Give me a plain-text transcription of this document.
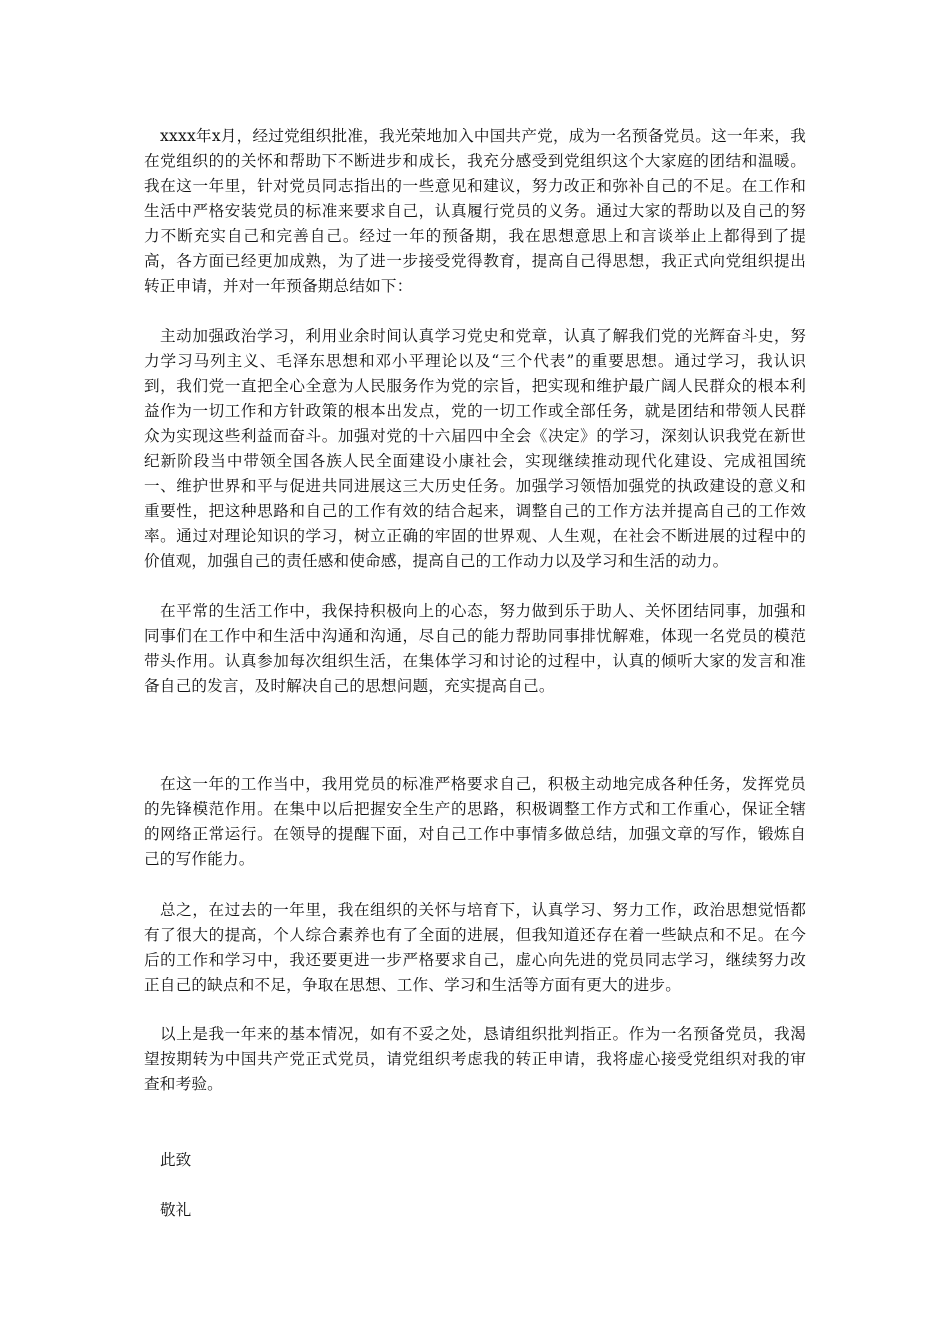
xxxx年x月，经过党组织批准，我光荣地加入中国共产党，成为一名预备党员。这一年来，我在党组织的的关怀和帮助下不断进步和成长，我充分感受到党组织这个大家庭的团结和温暖。我在这一年里，针对党员同志指出的一些意见和建议，努力改正和弥补自己的不足。在工作和生活中严格安装党员的标准来要求自己，认真履行党员的义务。通过大家的帮助以及自己的努力不断充实自己和完善自己。经过一年的预备期，我在思想意思上和言谈举止上都得到了提高，各方面已经更加成熟，为了进一步接受党得教育，提高自己得思想，我正式向党组织提出转正申请，并对一年预备期总结如下：

主动加强政治学习，利用业余时间认真学习党史和党章，认真了解我们党的光辉奋斗史，努力学习马列主义、毛泽东思想和邓小平理论以及“三个代表”的重要思想。通过学习，我认识到，我们党一直把全心全意为人民服务作为党的宗旨，把实现和维护最广阔人民群众的根本利益作为一切工作和方针政策的根本出发点，党的一切工作或全部任务，就是团结和带领人民群众为实现这些利益而奋斗。加强对党的十六届四中全会《决定》的学习，深刻认识我党在新世纪新阶段当中带领全国各族人民全面建设小康社会，实现继续推动现代化建设、完成祖国统一、维护世界和平与促进共同进展这三大历史任务。加强学习领悟加强党的执政建设的意义和重要性，把这种思路和自己的工作有效的结合起来，调整自己的工作方法并提高自己的工作效率。通过对理论知识的学习，树立正确的牢固的世界观、人生观，在社会不断进展的过程中的价值观，加强自己的责任感和使命感，提高自己的工作动力以及学习和生活的动力。

在平常的生活工作中，我保持积极向上的心态，努力做到乐于助人、关怀团结同事，加强和同事们在工作中和生活中沟通和沟通，尽自己的能力帮助同事排忧解难，体现一名党员的模范带头作用。认真参加每次组织生活，在集体学习和讨论的过程中，认真的倾听大家的发言和准备自己的发言，及时解决自己的思想问题，充实提高自己。

在这一年的工作当中，我用党员的标准严格要求自己，积极主动地完成各种任务，发挥党员的先锋模范作用。在集中以后把握安全生产的思路，积极调整工作方式和工作重心，保证全辖的网络正常运行。在领导的提醒下面，对自己工作中事情多做总结，加强文章的写作，锻炼自己的写作能力。

总之，在过去的一年里，我在组织的关怀与培育下，认真学习、努力工作，政治思想觉悟都有了很大的提高，个人综合素养也有了全面的进展，但我知道还存在着一些缺点和不足。在今后的工作和学习中，我还要更进一步严格要求自己，虚心向先进的党员同志学习，继续努力改正自己的缺点和不足，争取在思想、工作、学习和生活等方面有更大的进步。

以上是我一年来的基本情况，如有不妥之处，恳请组织批判指正。作为一名预备党员，我渴望按期转为中国共产党正式党员，请党组织考虑我的转正申请，我将虚心接受党组织对我的审查和考验。

此致

敬礼
